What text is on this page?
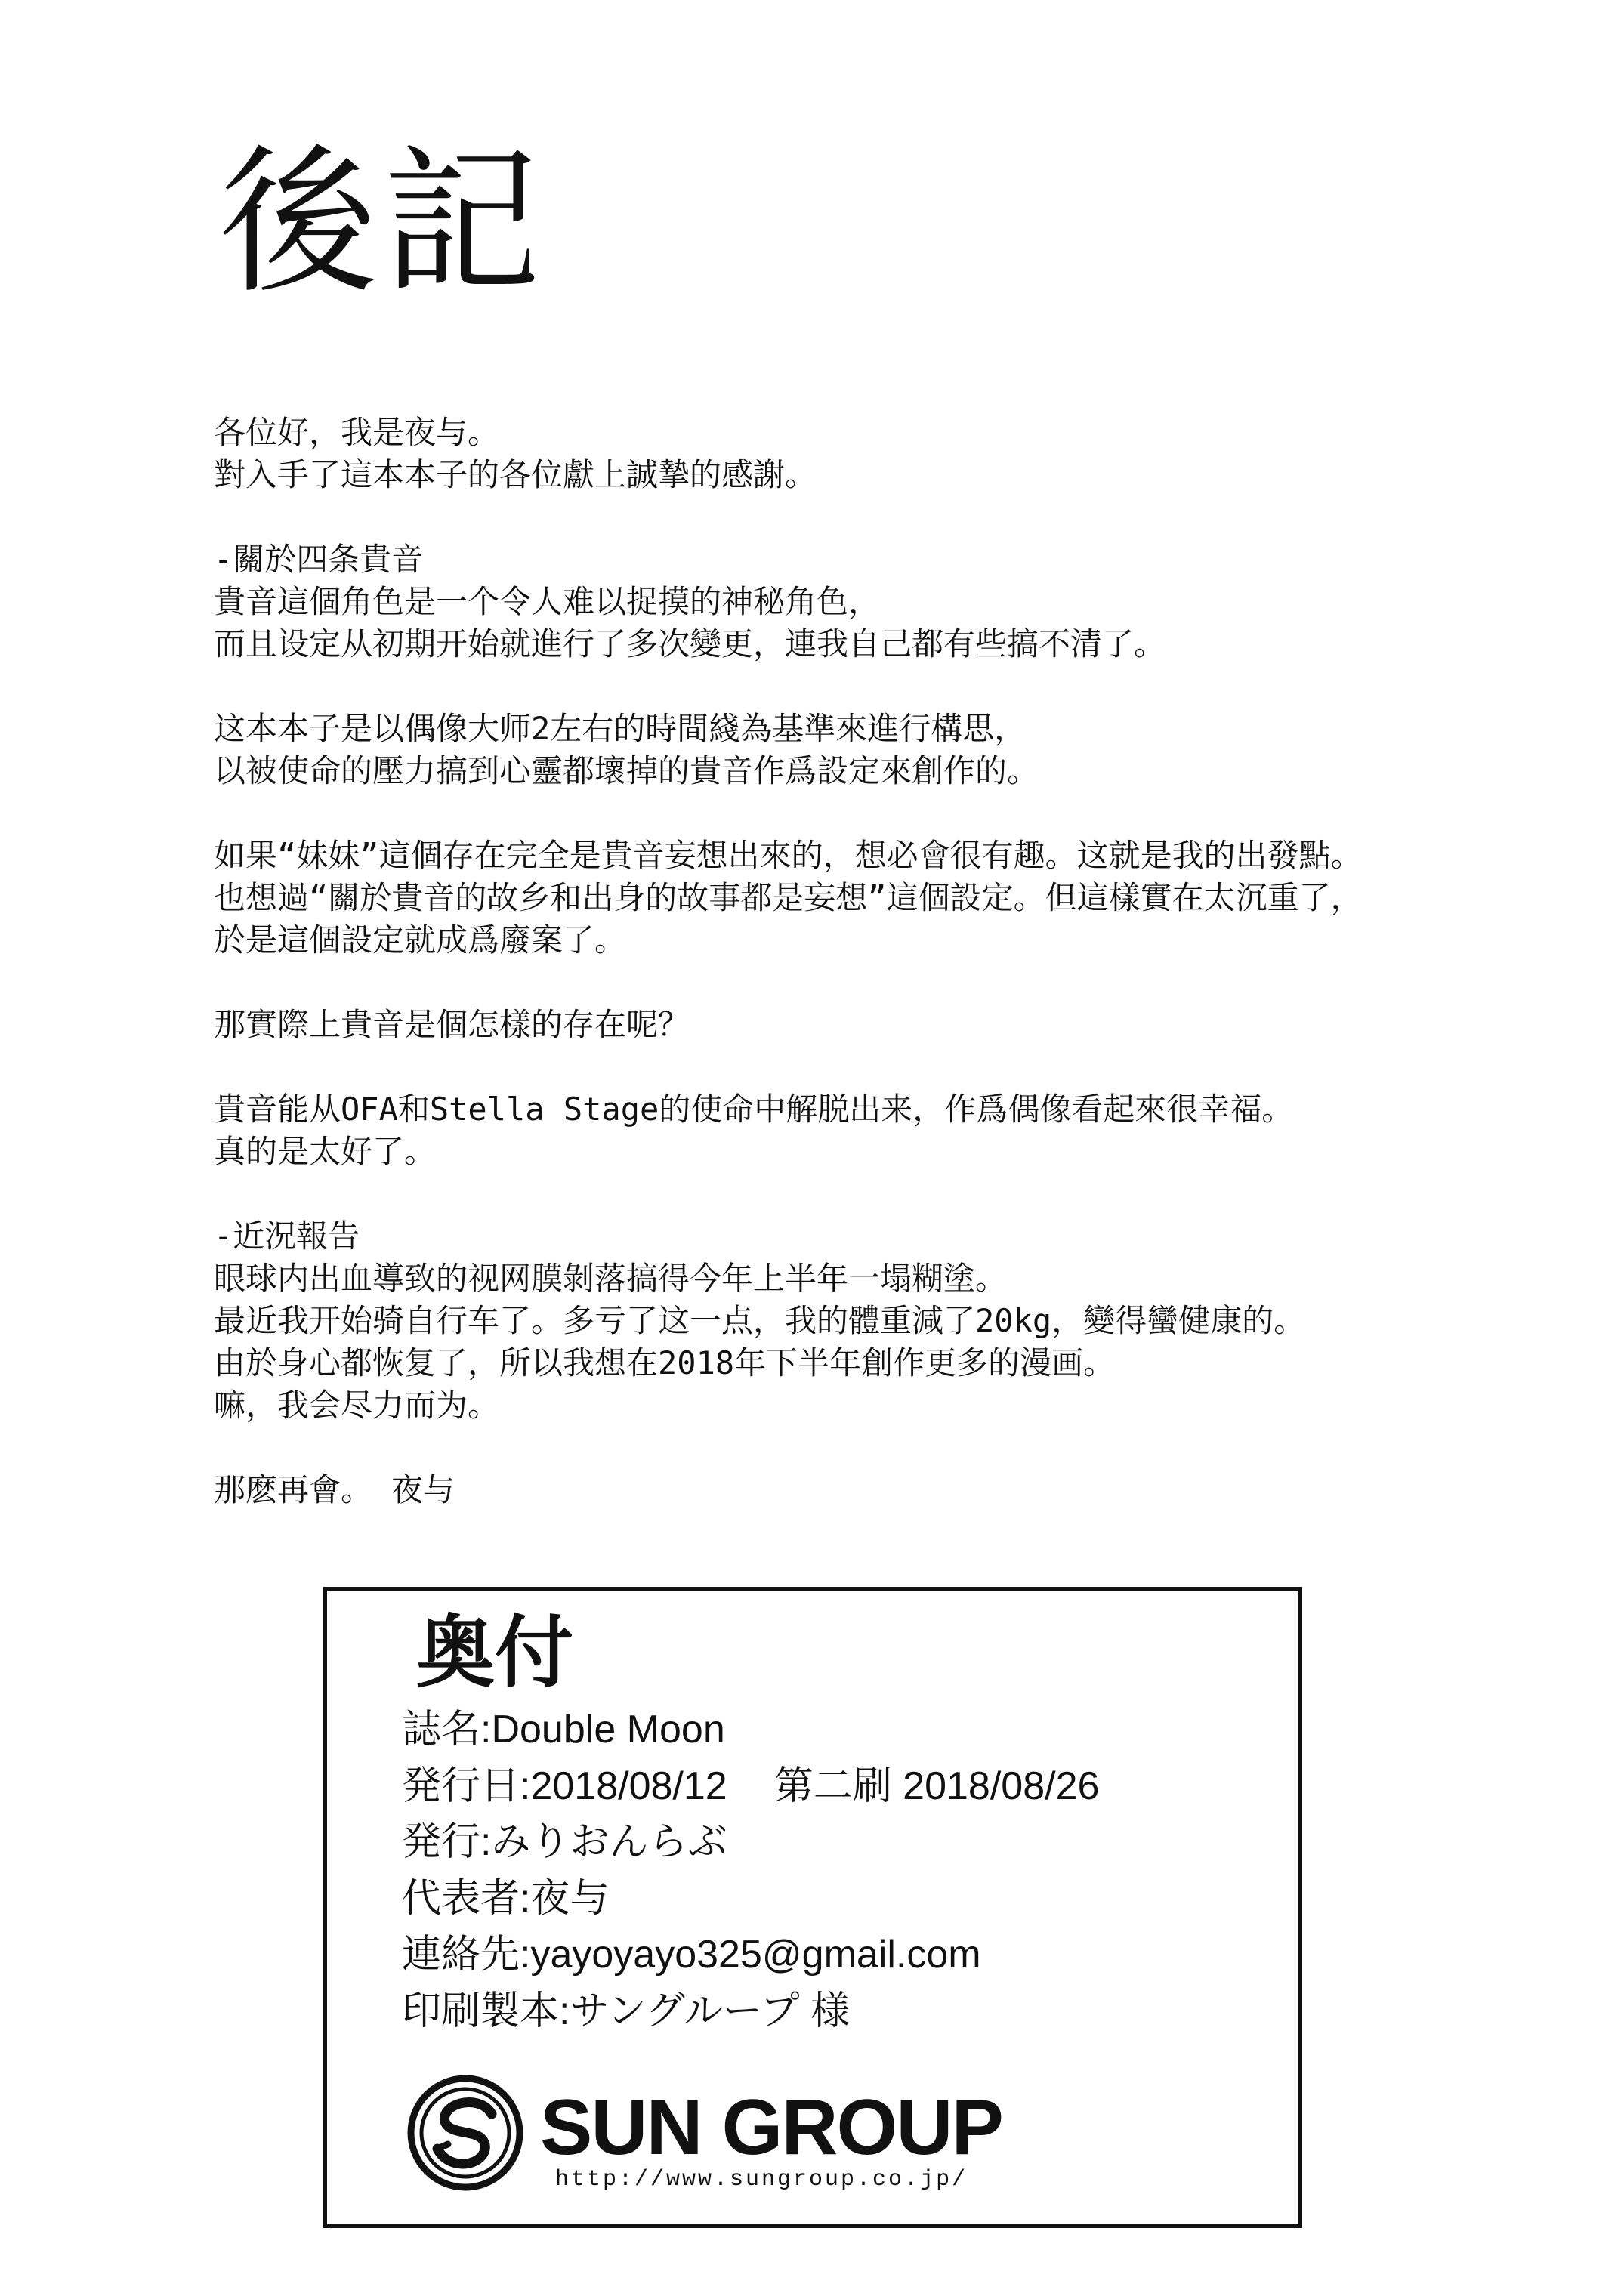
後記
各位好，我是夜与。
對入手了這本本子的各位獻上誠摯的感謝。
-關於四条貴音
貴音這個角色是一个令人难以捉摸的神秘角色，
而且设定从初期开始就進行了多次變更，連我自己都有些搞不清了。
这本本子是以偶像大师2左右的時間綫為基準來進行構思，
以被使命的壓力搞到心靈都壞掉的貴音作爲設定來創作的。
如果“妹妹”這個存在完全是貴音妄想出來的，想必會很有趣。这就是我的出發點。
也想過“關於貴音的故乡和出身的故事都是妄想”這個設定。但這樣實在太沉重了，
於是這個設定就成爲廢案了。
那實際上貴音是個怎樣的存在呢？
貴音能从OFA和Stella Stage的使命中解脱出来，作爲偶像看起來很幸福。
真的是太好了。
-近況報告
眼球内出血導致的视网膜剝落搞得今年上半年一塌糊塗。
最近我开始骑自行车了。多亏了这一点，我的體重減了20kg，變得蠻健康的。
由於身心都恢复了，所以我想在2018年下半年創作更多的漫画。
嘛，我会尽力而为。
那麽再會。 夜与
奥付
誌名:Double Moon
発行日:2018/08/12 第二刷 2018/08/26
発行:みりおんらぶ
代表者:夜与
連絡先:yayoyayo325@gmail.com
印刷製本:サングループ 様
SUN GROUP
http://www.sungroup.co.jp/
